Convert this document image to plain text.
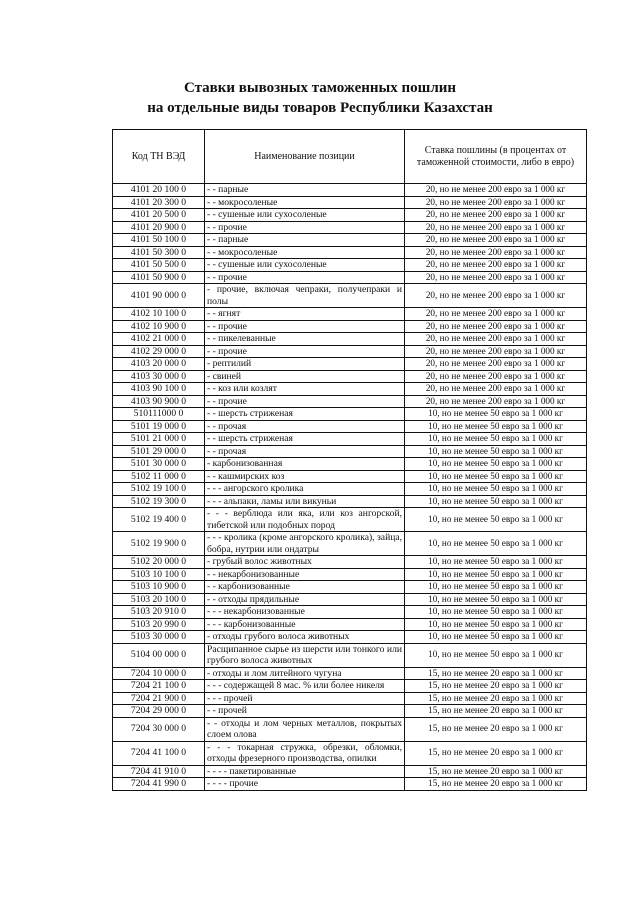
Ставки вывозных таможенных пошлин
на отдельные виды товаров Республики Казахстан
Код ТН ВЭД	Наименование позиции	Ставка пошлины (в процентах от таможенной стоимости, либо в евро)
4101 20 100 0	- - парные	20, но не менее 200 евро за 1 000 кг
4101 20 300 0	- - мокросоленые	20, но не менее 200 евро за 1 000 кг
4101 20 500 0	- - сушеные или сухосоленые	20, но не менее 200 евро за 1 000 кг
4101 20 900 0	- - прочие	20, но не менее 200 евро за 1 000 кг
4101 50 100 0	- - парные	20, но не менее 200 евро за 1 000 кг
4101 50 300 0	- - мокросоленые	20, но не менее 200 евро за 1 000 кг
4101 50 500 0	- - сушеные или сухосоленые	20, но не менее 200 евро за 1 000 кг
4101 50 900 0	- - прочие	20, но не менее 200 евро за 1 000 кг
4101 90 000 0	- прочие, включая чепраки, получепраки и полы	20, но не менее 200 евро за 1 000 кг
4102 10 100 0	- - ягнят	20, но не менее 200 евро за 1 000 кг
4102 10 900 0	- - прочие	20, но не менее 200 евро за 1 000 кг
4102 21 000 0	- - пикелеванные	20, но не менее 200 евро за 1 000 кг
4102 29 000 0	- - прочие	20, но не менее 200 евро за 1 000 кг
4103 20 000 0	- рептилий	20, но не менее 200 евро за 1 000 кг
4103 30 000 0	- свиней	20, но не менее 200 евро за 1 000 кг
4103 90 100 0	- - коз или козлят	20, но не менее 200 евро за 1 000 кг
4103 90 900 0	- - прочие	20, но не менее 200 евро за 1 000 кг
510111000 0	- - шерсть стриженая	10, но не менее 50 евро за 1 000 кг
5101 19 000 0	- - прочая	10, но не менее 50 евро за 1 000 кг
5101 21 000 0	- - шерсть стриженая	10, но не менее 50 евро за 1 000 кг
5101 29 000 0	- - прочая	10, но не менее 50 евро за 1 000 кг
5101 30 000 0	- карбонизованная	10, но не менее 50 евро за 1 000 кг
5102 11 000 0	- - кашмирских коз	10, но не менее 50 евро за 1 000 кг
5102 19 100 0	- - - ангорского кролика	10, но не менее 50 евро за 1 000 кг
5102 19 300 0	- - - альпаки, ламы или викуньи	10, но не менее 50 евро за 1 000 кг
5102 19 400 0	- - - верблюда или яка, или коз ангорской, тибетской или подобных пород	10, но не менее 50 евро за 1 000 кг
5102 19 900 0	- - - кролика (кроме ангорского кролика), зайца, бобра, нутрии или ондатры	10, но не менее 50 евро за 1 000 кг
5102 20 000 0	- грубый волос животных	10, но не менее 50 евро за 1 000 кг
5103 10 100 0	- - некарбонизованные	10, но не менее 50 евро за 1 000 кг
5103 10 900 0	- - карбонизованные	10, но не менее 50 евро за 1 000 кг
5103 20 100 0	- - отходы прядильные	10, но не менее 50 евро за 1 000 кг
5103 20 910 0	- - - некарбонизованные	10, но не менее 50 евро за 1 000 кг
5103 20 990 0	- - - карбонизованные	10, но не менее 50 евро за 1 000 кг
5103 30 000 0	- отходы грубого волоса животных	10, но не менее 50 евро за 1 000 кг
5104 00 000 0	Расщипанное сырье из шерсти или тонкого или грубого волоса животных	10, но не менее 50 евро за 1 000 кг
7204 10 000 0	- отходы и лом литейного чугуна	15, но не менее 20 евро за 1 000 кг
7204 21 100 0	- - - содержащей 8 мас. % или более никеля	15, но не менее 20 евро за 1 000 кг
7204 21 900 0	- - - прочей	15, но не менее 20 евро за 1 000 кг
7204 29 000 0	- - прочей	15, но не менее 20 евро за 1 000 кг
7204 30 000 0	- - отходы и лом черных металлов, покрытых слоем олова	15, но не менее 20 евро за 1 000 кг
7204 41 100 0	- - - токарная стружка, обрезки, обломки, отходы фрезерного производства, опилки	15, но не менее 20 евро за 1 000 кг
7204 41 910 0	- - - - пакетированные	15, но не менее 20 евро за 1 000 кг
7204 41 990 0	- - - - прочие	15, но не менее 20 евро за 1 000 кг
